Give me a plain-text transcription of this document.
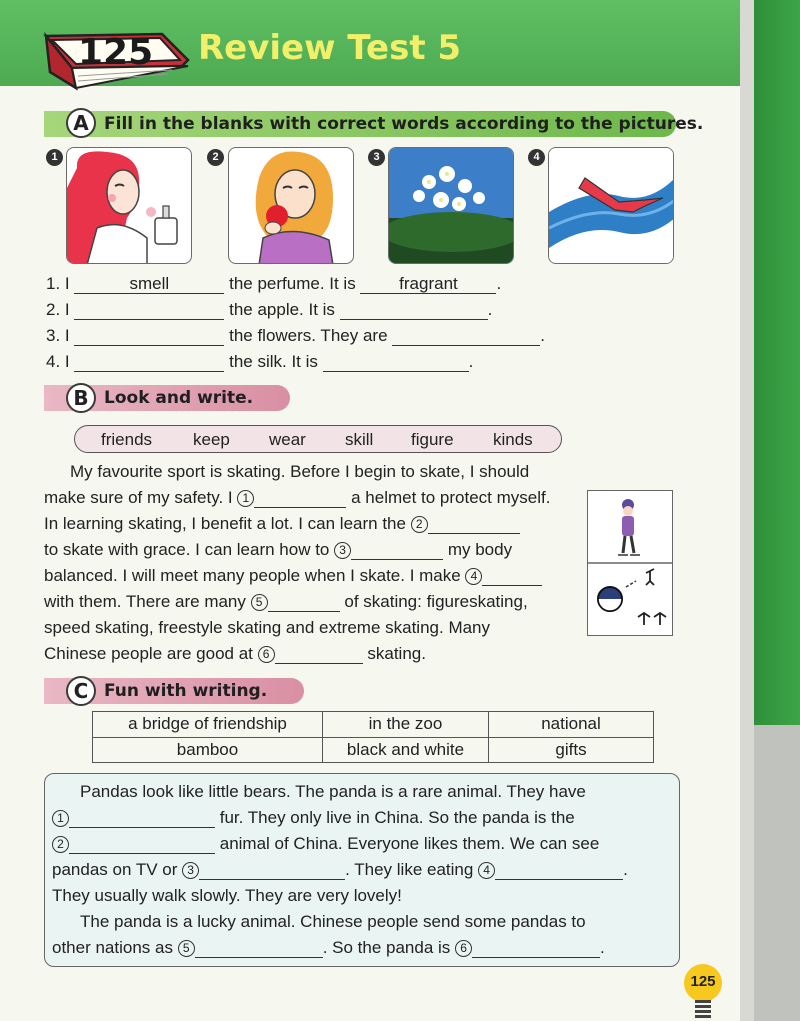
125 Review Test 5
A Fill in the blanks with correct words according to the pictures.
1	2	3	4
1. I	smell	the perfume. It is	fragrant .
2. I	the apple. It is	.
3. I	the flowers. They are	.
4. I	the silk. It is	.
B Look and write.
friends keep wear skill figure kinds
My favourite sport is skating. Before I begin to skate, I should
make sure of my safety. I 1	a helmet to protect myself.
In learning skating, I benefit a lot. I can learn the 2
to skate with grace. I can learn how to 3	my body
balanced. I will meet many people when I skate. I make 4
with them. There are many 5	of skating: figureskating,
speed skating, freestyle skating and extreme skating. Many
Chinese people are good at 6	skating.
C Fun with writing.
a bridge of friendship	in the zoo	national
bamboo	black and white	gifts
Pandas look like little bears. The panda is a rare animal. They have
1	fur. They only live in China. So the panda is the
2	animal of China. Everyone likes them. We can see
pandas on TV or 3	. They like eating 4	.
They usually walk slowly. They are very lovely!
The panda is a lucky animal. Chinese people send some pandas to
other nations as 5	. So the panda is 6	.
125
